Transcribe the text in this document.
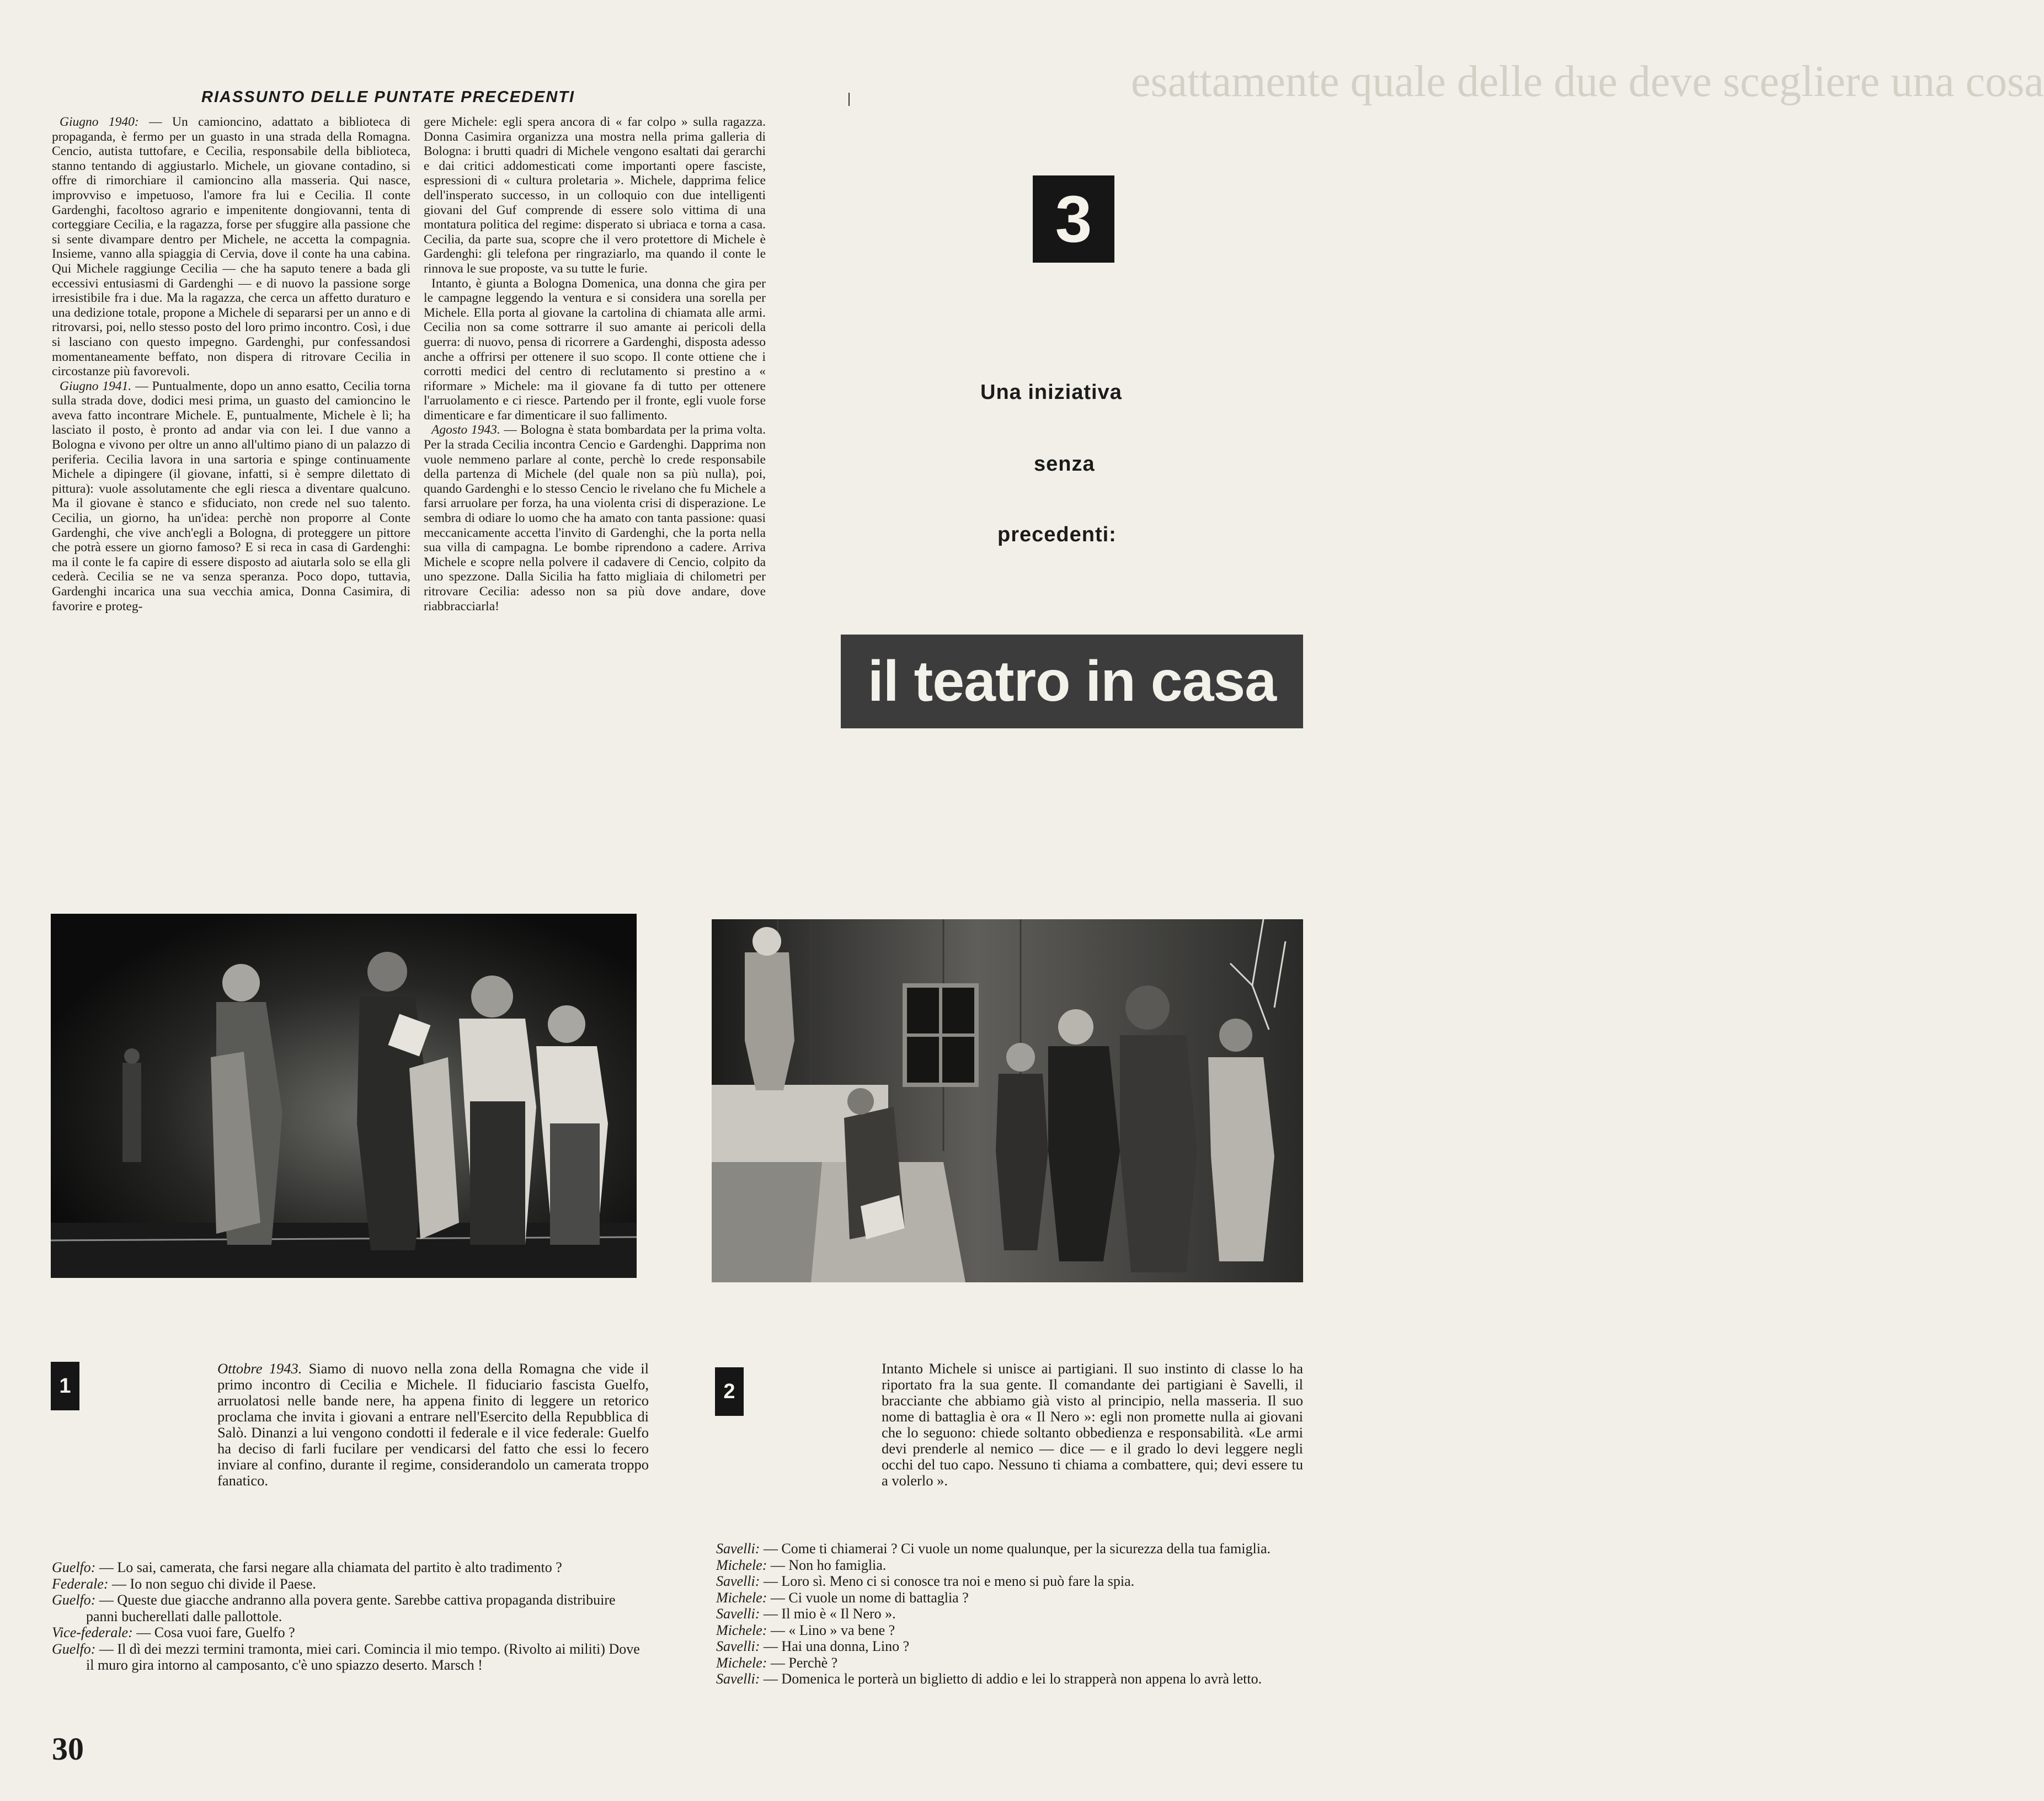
esattamente quale delle due deve scegliere una cosa
RIASSUNTO DELLE PUNTATE PRECEDENTI

Giugno 1940: — Un camioncino, adattato a biblioteca di propaganda, è fermo per un guasto in una strada della Romagna. Cencio, autista tuttofare, e Cecilia, responsabile della biblioteca, stanno tentando di aggiustarlo. Michele, un giovane contadino, si offre di rimorchiare il camioncino alla masseria. Qui nasce, improvviso e impetuoso, l'amore fra lui e Cecilia. Il conte Gardenghi, facoltoso agrario e impenitente dongiovanni, tenta di corteggiare Cecilia, e la ragazza, forse per sfuggire alla passione che si sente divampare dentro per Michele, ne accetta la compagnia. Insieme, vanno alla spiaggia di Cervia, dove il conte ha una cabina. Qui Michele raggiunge Cecilia — che ha saputo tenere a bada gli eccessivi entusiasmi di Gardenghi — e di nuovo la passione sorge irresistibile fra i due. Ma la ragazza, che cerca un affetto duraturo e una dedizione totale, propone a Michele di separarsi per un anno e di ritrovarsi, poi, nello stesso posto del loro primo incontro. Così, i due si lasciano con questo impegno. Gardenghi, pur confessandosi momentaneamente beffato, non dispera di ritrovare Cecilia in circostanze più favorevoli.

Giugno 1941. — Puntualmente, dopo un anno esatto, Cecilia torna sulla strada dove, dodici mesi prima, un guasto del camioncino le aveva fatto incontrare Michele. E, puntualmente, Michele è lì; ha lasciato il posto, è pronto ad andar via con lei. I due vanno a Bologna e vivono per oltre un anno all'ultimo piano di un palazzo di periferia. Cecilia lavora in una sartoria e spinge continuamente Michele a dipingere (il giovane, infatti, si è sempre dilettato di pittura): vuole assolutamente che egli riesca a diventare qualcuno. Ma il giovane è stanco e sfiduciato, non crede nel suo talento. Cecilia, un giorno, ha un'idea: perchè non proporre al Conte Gardenghi, che vive anch'egli a Bologna, di proteggere un pittore che potrà essere un giorno famoso? E si reca in casa di Gardenghi: ma il conte le fa capire di essere disposto ad aiutarla solo se ella gli cederà. Cecilia se ne va senza speranza. Poco dopo, tuttavia, Gardenghi incarica una sua vecchia amica, Donna Casimira, di favorire e proteg-

gere Michele: egli spera ancora di « far colpo » sulla ragazza. Donna Casimira organizza una mostra nella prima galleria di Bologna: i brutti quadri di Michele vengono esaltati dai gerarchi e dai critici addomesticati come importanti opere fasciste, espressioni di « cultura proletaria ». Michele, dapprima felice dell'insperato successo, in un colloquio con due intelligenti giovani del Guf comprende di essere solo vittima di una montatura politica del regime: disperato si ubriaca e torna a casa. Cecilia, da parte sua, scopre che il vero protettore di Michele è Gardenghi: gli telefona per ringraziarlo, ma quando il conte le rinnova le sue proposte, va su tutte le furie.

Intanto, è giunta a Bologna Domenica, una donna che gira per le campagne leggendo la ventura e si considera una sorella per Michele. Ella porta al giovane la cartolina di chiamata alle armi. Cecilia non sa come sottrarre il suo amante ai pericoli della guerra: di nuovo, pensa di ricorrere a Gardenghi, disposta adesso anche a offrirsi per ottenere il suo scopo. Il conte ottiene che i corrotti medici del centro di reclutamento si prestino a « riformare » Michele: ma il giovane fa di tutto per ottenere l'arruolamento e ci riesce. Partendo per il fronte, egli vuole forse dimenticare e far dimenticare il suo fallimento.

Agosto 1943. — Bologna è stata bombardata per la prima volta. Per la strada Cecilia incontra Cencio e Gardenghi. Dapprima non vuole nemmeno parlare al conte, perchè lo crede responsabile della partenza di Michele (del quale non sa più nulla), poi, quando Gardenghi e lo stesso Cencio le rivelano che fu Michele a farsi arruolare per forza, ha una violenta crisi di disperazione. Le sembra di odiare lo uomo che ha amato con tanta passione: quasi meccanicamente accetta l'invito di Gardenghi, che la porta nella sua villa di campagna. Le bombe riprendono a cadere. Arriva Michele e scopre nella polvere il cadavere di Cencio, colpito da uno spezzone. Dalla Sicilia ha fatto migliaia di chilometri per ritrovare Cecilia: adesso non sa più dove andare, dove riabbracciarla!

3
Una iniziativa
senza
precedenti:
il teatro in casa
1
Ottobre 1943. Siamo di nuovo nella zona della Romagna che vide il primo incontro di Cecilia e Michele. Il fiduciario fascista Guelfo, arruolatosi nelle bande nere, ha appena finito di leggere un retorico proclama che invita i giovani a entrare nell'Esercito della Repubblica di Salò. Dinanzi a lui vengono condotti il federale e il vice federale: Guelfo ha deciso di farli fucilare per vendicarsi del fatto che essi lo fecero inviare al confino, durante il regime, considerandolo un camerata troppo fanatico.
2
Intanto Michele si unisce ai partigiani. Il suo instinto di classe lo ha riportato fra la sua gente. Il comandante dei partigiani è Savelli, il bracciante che abbiamo già visto al principio, nella masseria. Il suo nome di battaglia è ora « Il Nero »: egli non promette nulla ai giovani che lo seguono: chiede soltanto obbedienza e responsabilità. «Le armi devi prenderle al nemico — dice — e il grado lo devi leggere negli occhi del tuo capo. Nessuno ti chiama a combattere, qui; devi essere tu a volerlo ».
Guelfo: — Lo sai, camerata, che farsi negare alla chiamata del partito è alto tradimento ?
Federale: — Io non seguo chi divide il Paese.
Guelfo: — Queste due giacche andranno alla povera gente. Sarebbe cattiva propaganda distribuire panni bucherellati dalle pallottole.
Vice-federale: — Cosa vuoi fare, Guelfo ?
Guelfo: — Il dì dei mezzi termini tramonta, miei cari. Comincia il mio tempo. (Rivolto ai militi) Dove il muro gira intorno al camposanto, c'è uno spiazzo deserto. Marsch !
Savelli: — Come ti chiamerai ? Ci vuole un nome qualunque, per la sicurezza della tua famiglia.
Michele: — Non ho famiglia.
Savelli: — Loro sì. Meno ci si conosce tra noi e meno si può fare la spia.
Michele: — Ci vuole un nome di battaglia ?
Savelli: — Il mio è « Il Nero ».
Michele: — « Lino » va bene ?
Savelli: — Hai una donna, Lino ?
Michele: — Perchè ?
Savelli: — Domenica le porterà un biglietto di addio e lei lo strapperà non appena lo avrà letto.
30
